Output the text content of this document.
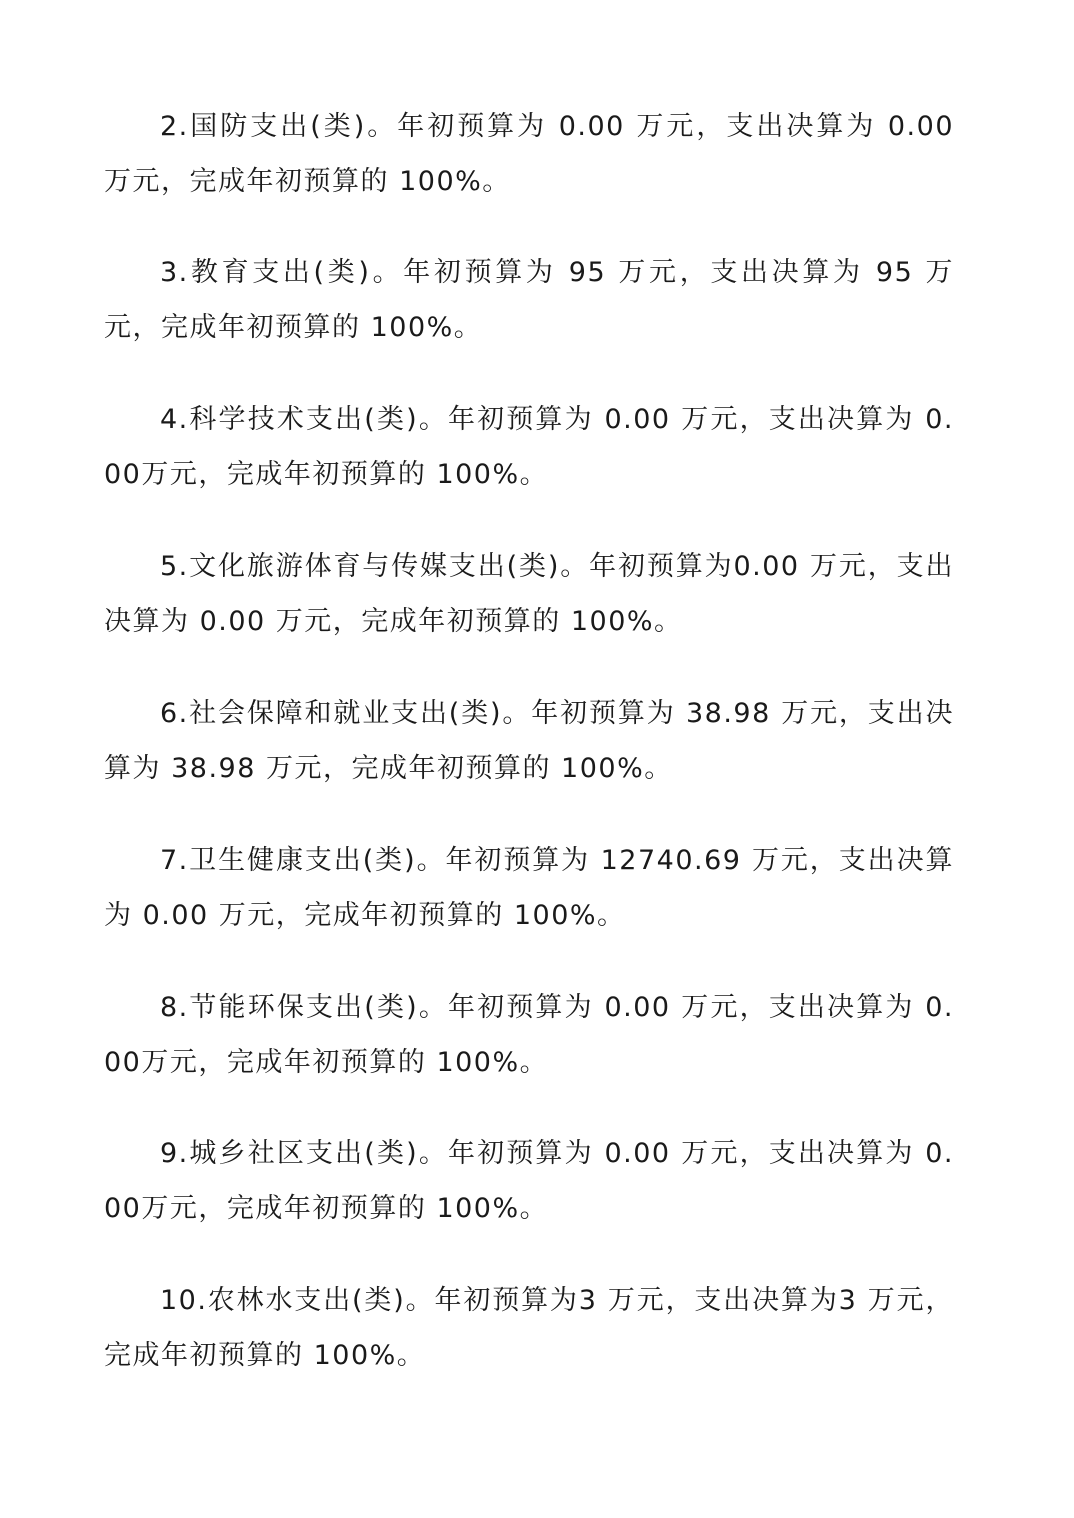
2.国防支出(类)。年初预算为 0.00 万元，支出决算为 0.00 万元，完成年初预算的 100%。

3.教育支出(类)。年初预算为 95 万元，支出决算为 95 万元，完成年初预算的 100%。

4.科学技术支出(类)。年初预算为 0.00 万元，支出决算为 0.00万元，完成年初预算的 100%。

5.文化旅游体育与传媒支出(类)。年初预算为0.00 万元，支出决算为 0.00 万元，完成年初预算的 100%。

6.社会保障和就业支出(类)。年初预算为 38.98 万元，支出决算为 38.98 万元，完成年初预算的 100%。

7.卫生健康支出(类)。年初预算为 12740.69 万元，支出决算为 0.00 万元，完成年初预算的 100%。

8.节能环保支出(类)。年初预算为 0.00 万元，支出决算为 0.00万元，完成年初预算的 100%。

9.城乡社区支出(类)。年初预算为 0.00 万元，支出决算为 0.00万元，完成年初预算的 100%。

10.农林水支出(类)。年初预算为3 万元，支出决算为3 万元，完成年初预算的 100%。
